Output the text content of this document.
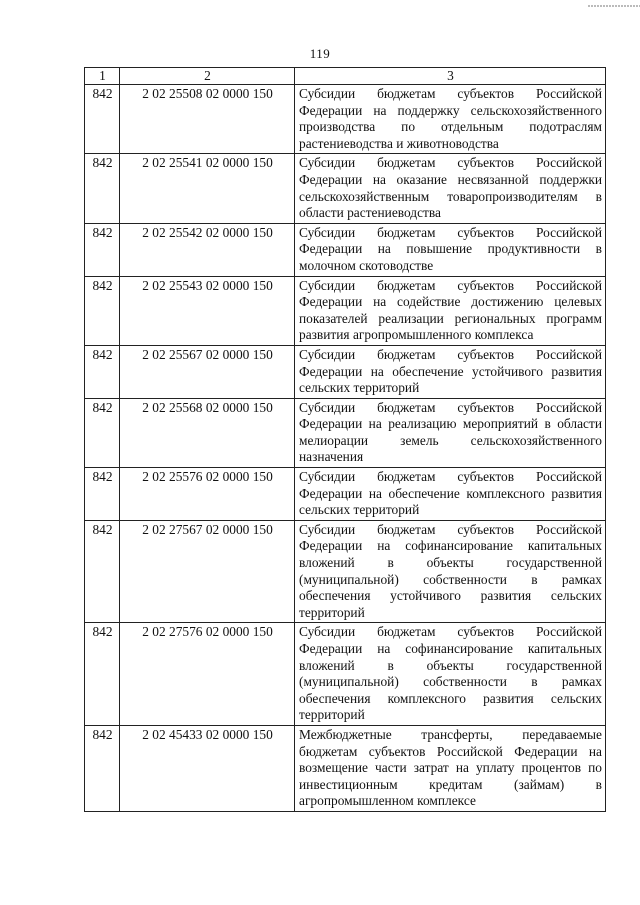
119
1	2	3
842	2 02 25508 02 0000 150	Субсидии бюджетам субъектов Российской Федерации на поддержку сельскохозяйственного производства по отдельным подотраслям растениеводства и животноводства
842	2 02 25541 02 0000 150	Субсидии бюджетам субъектов Российской Федерации на оказание несвязанной поддержки сельскохозяйственным товаропроизводителям в области растениеводства
842	2 02 25542 02 0000 150	Субсидии бюджетам субъектов Российской Федерации на повышение продуктивности в молочном скотоводстве
842	2 02 25543 02 0000 150	Субсидии бюджетам субъектов Российской Федерации на содействие достижению целевых показателей реализации региональных программ развития агропромышленного комплекса
842	2 02 25567 02 0000 150	Субсидии бюджетам субъектов Российской Федерации на обеспечение устойчивого развития сельских территорий
842	2 02 25568 02 0000 150	Субсидии бюджетам субъектов Российской Федерации на реализацию мероприятий в области мелиорации земель сельскохозяйственного назначения
842	2 02 25576 02 0000 150	Субсидии бюджетам субъектов Российской Федерации на обеспечение комплексного развития сельских территорий
842	2 02 27567 02 0000 150	Субсидии бюджетам субъектов Российской Федерации на софинансирование капитальных вложений в объекты государственной (муниципальной) собственности в рамках обеспечения устойчивого развития сельских территорий
842	2 02 27576 02 0000 150	Субсидии бюджетам субъектов Российской Федерации на софинансирование капитальных вложений в объекты государственной (муниципальной) собственности в рамках обеспечения комплексного развития сельских территорий
842	2 02 45433 02 0000 150	Межбюджетные трансферты, передаваемые бюджетам субъектов Российской Федерации на возмещение части затрат на уплату процентов по инвестиционным кредитам (займам) в агропромышленном комплексе
